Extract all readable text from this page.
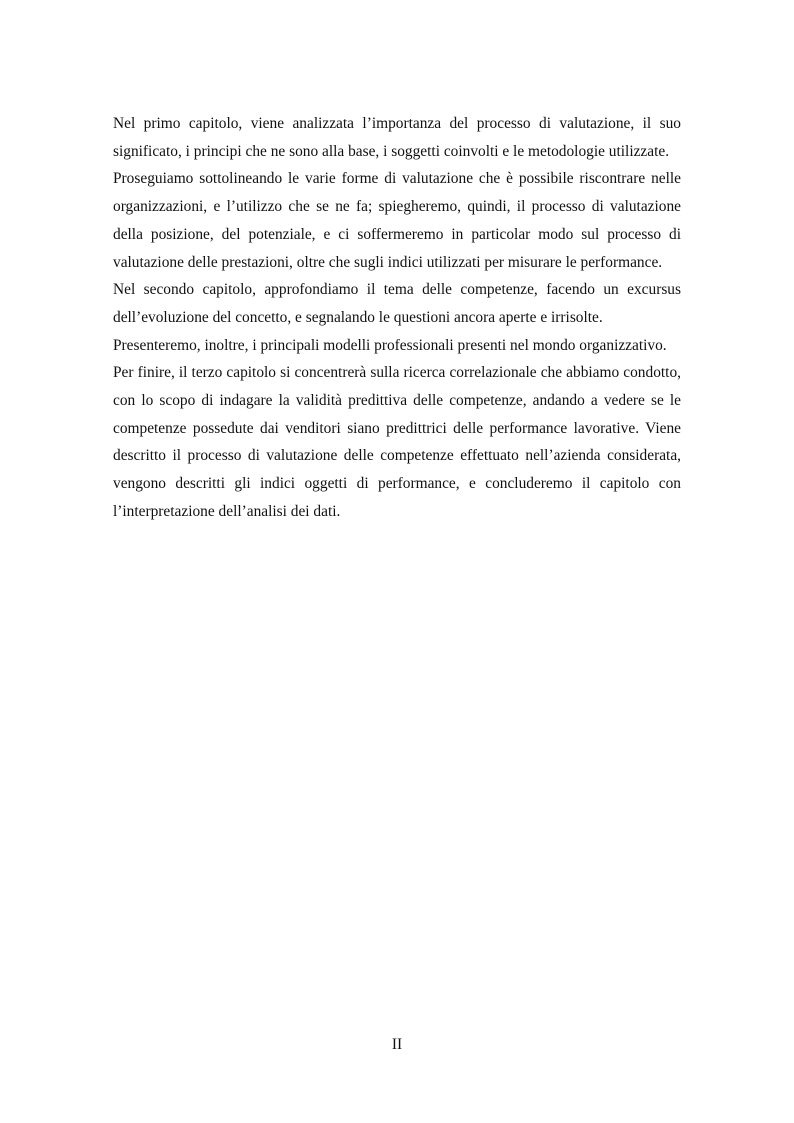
Nel primo capitolo, viene analizzata l’importanza del processo di valutazione, il suo significato, i principi che ne sono alla base, i soggetti coinvolti e le metodologie utilizzate.

Proseguiamo sottolineando le varie forme di valutazione che è possibile riscontrare nelle organizzazioni, e l’utilizzo che se ne fa; spiegheremo, quindi, il processo di valutazione della posizione, del potenziale, e ci soffermeremo in particolar modo sul processo di valutazione delle prestazioni, oltre che sugli indici utilizzati per misurare le performance.

Nel secondo capitolo, approfondiamo il tema delle competenze, facendo un excursus dell’evoluzione del concetto, e segnalando le questioni ancora aperte e irrisolte.

Presenteremo, inoltre, i principali modelli professionali presenti nel mondo organizzativo.

Per finire, il terzo capitolo si concentrerà sulla ricerca correlazionale che abbiamo condotto, con lo scopo di indagare la validità predittiva delle competenze, andando a vedere se le competenze possedute dai venditori siano predittrici delle performance lavorative. Viene descritto il processo di valutazione delle competenze effettuato nell’azienda considerata, vengono descritti gli indici oggetti di performance, e concluderemo il capitolo con l’interpretazione dell’analisi dei dati.

II
